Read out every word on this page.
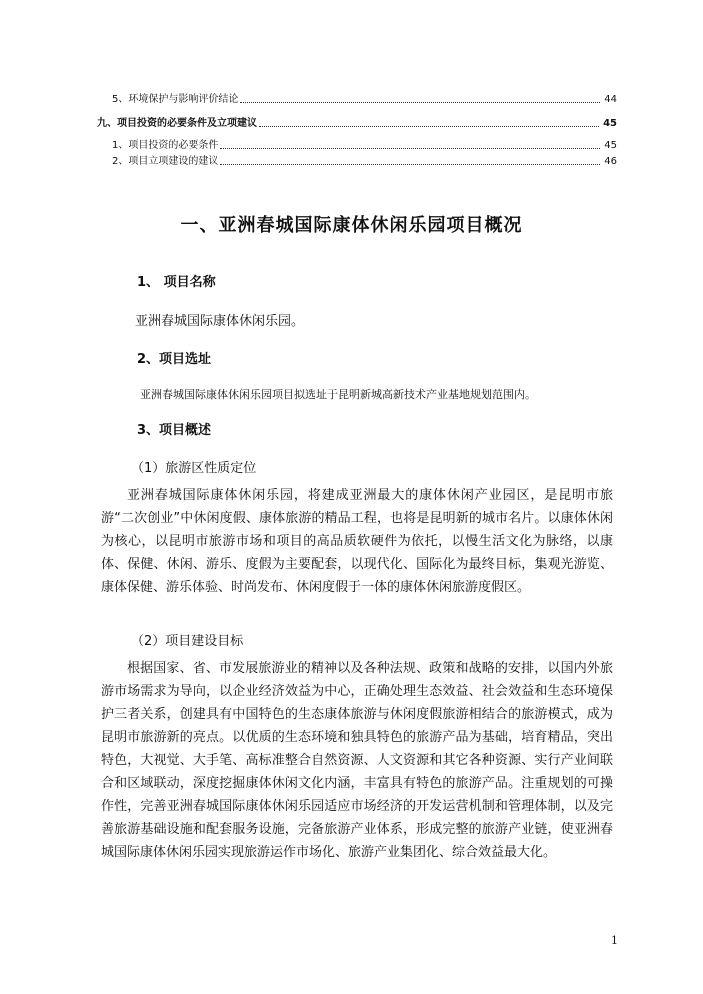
5、环境保护与影响评价结论	44
九、项目投资的必要条件及立项建议	45
1、项目投资的必要条件	45
2、项目立项建设的建议	46
一、亚洲春城国际康体休闲乐园项目概况
1、 项目名称
亚洲春城国际康体休闲乐园。
2、项目选址
亚洲春城国际康体休闲乐园项目拟选址于昆明新城高新技术产业基地规划范围内。
3、项目概述
（1）旅游区性质定位

亚洲春城国际康体休闲乐园，将建成亚洲最大的康体休闲产业园区，是昆明市旅游“二次创业”中休闲度假、康体旅游的精品工程，也将是昆明新的城市名片。以康体休闲为核心，以昆明市旅游市场和项目的高品质软硬件为依托，以慢生活文化为脉络，以康体、保健、休闲、游乐、度假为主要配套，以现代化、国际化为最终目标，集观光游览、康体保健、游乐体验、时尚发布、休闲度假于一体的康体休闲旅游度假区。

（2）项目建设目标

根据国家、省、市发展旅游业的精神以及各种法规、政策和战略的安排，以国内外旅游市场需求为导向，以企业经济效益为中心，正确处理生态效益、社会效益和生态环境保护三者关系，创建具有中国特色的生态康体旅游与休闲度假旅游相结合的旅游模式，成为昆明市旅游新的亮点。以优质的生态环境和独具特色的旅游产品为基础，培育精品，突出特色，大视觉、大手笔、高标准整合自然资源、人文资源和其它各种资源、实行产业间联合和区域联动，深度挖掘康体休闲文化内涵，丰富具有特色的旅游产品。注重规划的可操作性，完善亚洲春城国际康体休闲乐园适应市场经济的开发运营机制和管理体制，以及完善旅游基础设施和配套服务设施，完备旅游产业体系，形成完整的旅游产业链，使亚洲春城国际康体休闲乐园实现旅游运作市场化、旅游产业集团化、综合效益最大化。

1
